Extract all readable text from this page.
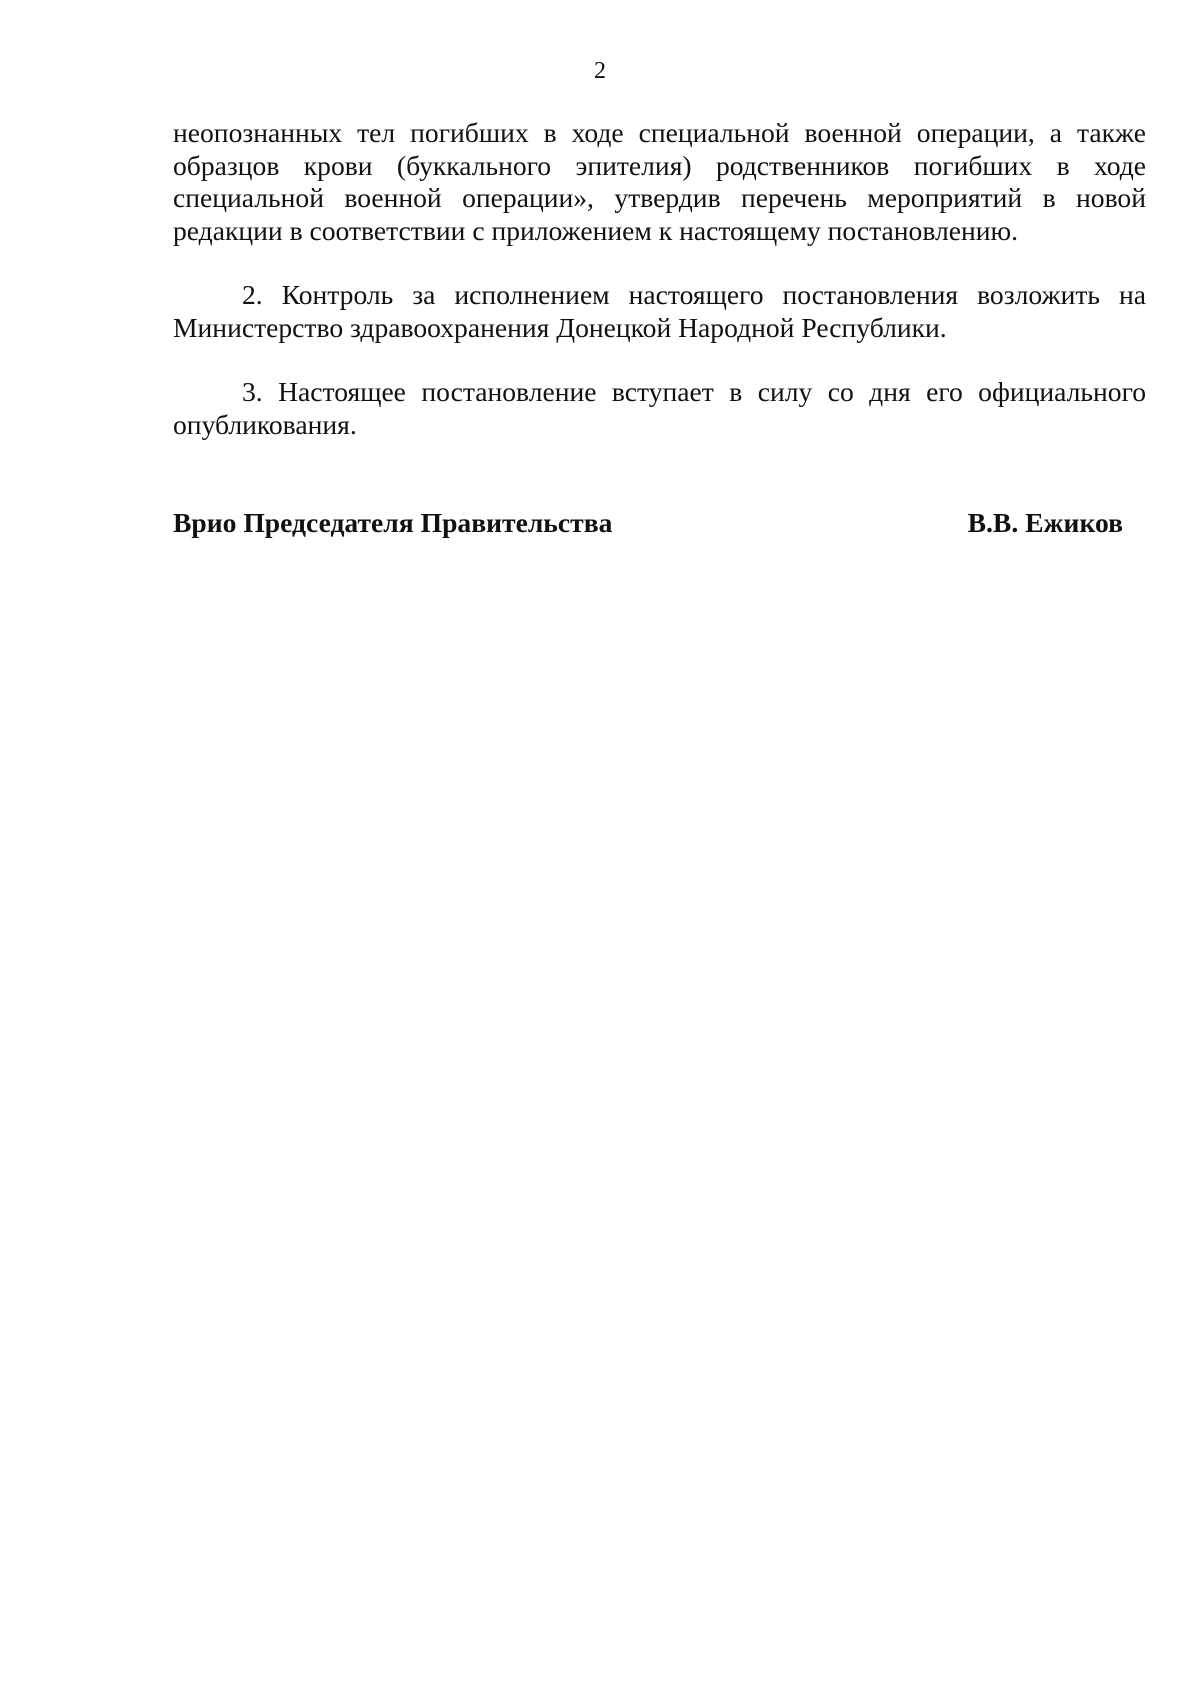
2

неопознанных тел погибших в ходе специальной военной операции, а также образцов крови (буккального эпителия) родственников погибших в ходе специальной военной операции», утвердив перечень мероприятий в новой редакции в соответствии с приложением к настоящему постановлению.

2. Контроль за исполнением настоящего постановления возложить на Министерство здравоохранения Донецкой Народной Республики.

3. Настоящее постановление вступает в силу со дня его официального опубликования.

Врио Председателя Правительства	В.В. Ежиков
